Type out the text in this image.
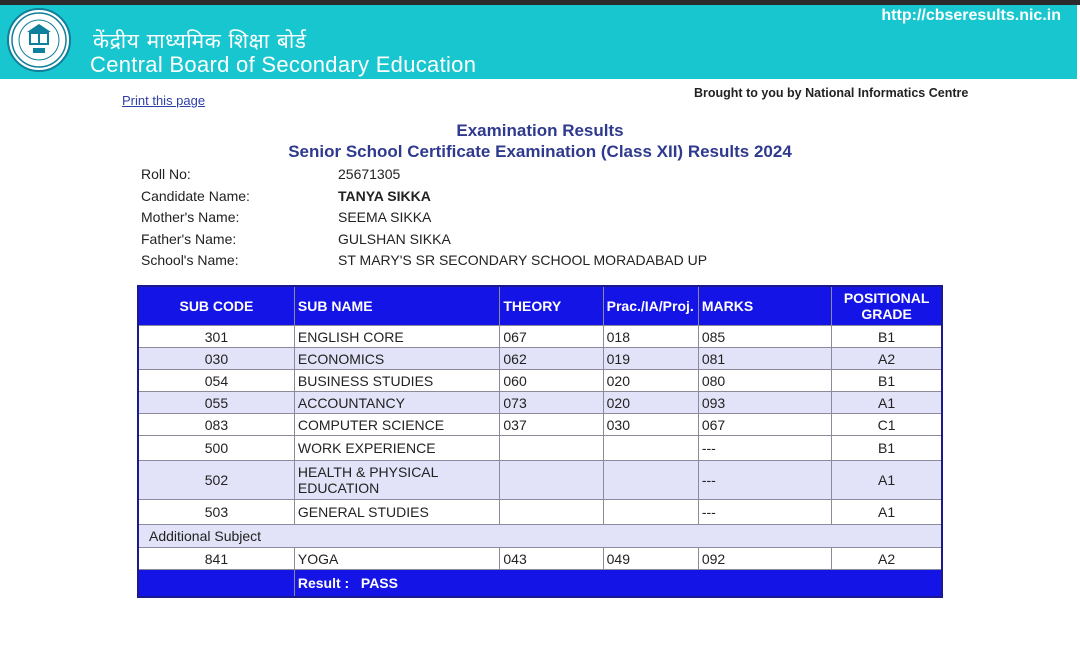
केंद्रीय माध्यमिक शिक्षा बोर्ड
Central Board of Secondary Education
http://cbseresults.nic.in
Print this page	Brought to you by National Informatics Centre
Examination Results
Senior School Certificate Examination (Class XII) Results 2024
Roll No:	25671305
Candidate Name:	TANYA SIKKA
Mother's Name:	SEEMA SIKKA
Father's Name:	GULSHAN SIKKA
School's Name:	ST MARY'S SR SECONDARY SCHOOL MORADABAD UP
SUB CODE	SUB NAME	THEORY	Prac./IA/Proj.	MARKS	POSITIONAL GRADE
301	ENGLISH CORE	067	018	085	B1
030	ECONOMICS	062	019	081	A2
054	BUSINESS STUDIES	060	020	080	B1
055	ACCOUNTANCY	073	020	093	A1
083	COMPUTER SCIENCE	037	030	067	C1
500	WORK EXPERIENCE			---	B1
502	HEALTH & PHYSICAL EDUCATION			---	A1
503	GENERAL STUDIES			---	A1
Additional Subject					
841	YOGA	043	049	092	A2
	Result : PASS				
